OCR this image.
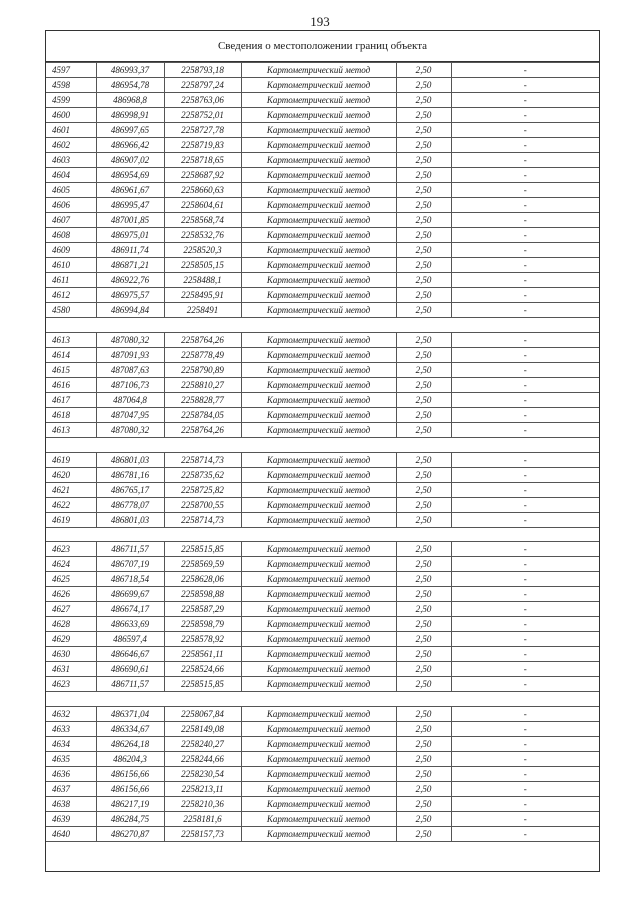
193
Сведения о местоположении границ объекта
4597	486993,37	2258793,18	Картометрический метод	2,50	-
4598	486954,78	2258797,24	Картометрический метод	2,50	-
4599	486968,8	2258763,06	Картометрический метод	2,50	-
4600	486998,91	2258752,01	Картометрический метод	2,50	-
4601	486997,65	2258727,78	Картометрический метод	2,50	-
4602	486966,42	2258719,83	Картометрический метод	2,50	-
4603	486907,02	2258718,65	Картометрический метод	2,50	-
4604	486954,69	2258687,92	Картометрический метод	2,50	-
4605	486961,67	2258660,63	Картометрический метод	2,50	-
4606	486995,47	2258604,61	Картометрический метод	2,50	-
4607	487001,85	2258568,74	Картометрический метод	2,50	-
4608	486975,01	2258532,76	Картометрический метод	2,50	-
4609	486911,74	2258520,3	Картометрический метод	2,50	-
4610	486871,21	2258505,15	Картометрический метод	2,50	-
4611	486922,76	2258488,1	Картометрический метод	2,50	-
4612	486975,57	2258495,91	Картометрический метод	2,50	-
4580	486994,84	2258491	Картометрический метод	2,50	-

4613	487080,32	2258764,26	Картометрический метод	2,50	-
4614	487091,93	2258778,49	Картометрический метод	2,50	-
4615	487087,63	2258790,89	Картометрический метод	2,50	-
4616	487106,73	2258810,27	Картометрический метод	2,50	-
4617	487064,8	2258828,77	Картометрический метод	2,50	-
4618	487047,95	2258784,05	Картометрический метод	2,50	-
4613	487080,32	2258764,26	Картометрический метод	2,50	-

4619	486801,03	2258714,73	Картометрический метод	2,50	-
4620	486781,16	2258735,62	Картометрический метод	2,50	-
4621	486765,17	2258725,82	Картометрический метод	2,50	-
4622	486778,07	2258700,55	Картометрический метод	2,50	-
4619	486801,03	2258714,73	Картометрический метод	2,50	-

4623	486711,57	2258515,85	Картометрический метод	2,50	-
4624	486707,19	2258569,59	Картометрический метод	2,50	-
4625	486718,54	2258628,06	Картометрический метод	2,50	-
4626	486699,67	2258598,88	Картометрический метод	2,50	-
4627	486674,17	2258587,29	Картометрический метод	2,50	-
4628	486633,69	2258598,79	Картометрический метод	2,50	-
4629	486597,4	2258578,92	Картометрический метод	2,50	-
4630	486646,67	2258561,11	Картометрический метод	2,50	-
4631	486690,61	2258524,66	Картометрический метод	2,50	-
4623	486711,57	2258515,85	Картометрический метод	2,50	-

4632	486371,04	2258067,84	Картометрический метод	2,50	-
4633	486334,67	2258149,08	Картометрический метод	2,50	-
4634	486264,18	2258240,27	Картометрический метод	2,50	-
4635	486204,3	2258244,66	Картометрический метод	2,50	-
4636	486156,66	2258230,54	Картометрический метод	2,50	-
4637	486156,66	2258213,11	Картометрический метод	2,50	-
4638	486217,19	2258210,36	Картометрический метод	2,50	-
4639	486284,75	2258181,6	Картометрический метод	2,50	-
4640	486270,87	2258157,73	Картометрический метод	2,50	-
